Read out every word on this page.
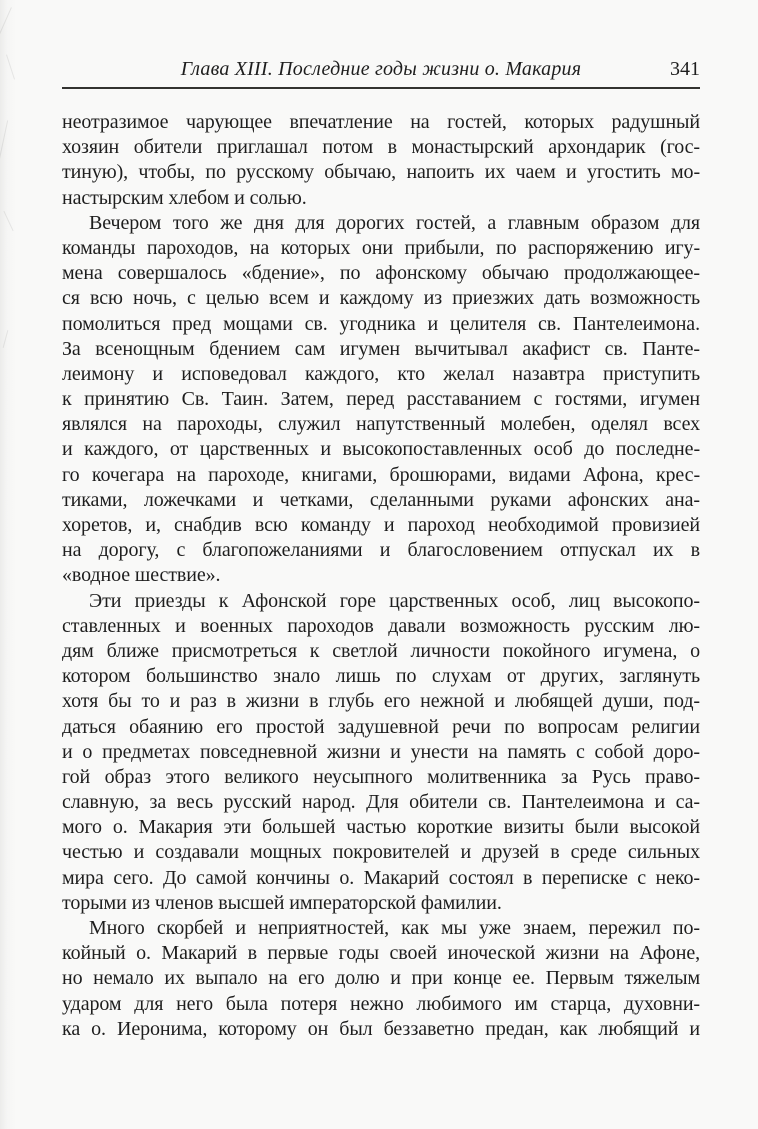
Глава XIII. Последние годы жизни о. Макария	341
неотразимое чарующее впечатление на гостей, которых радушный
хозяин обители приглашал потом в монастырский архондарик (гос-
тиную), чтобы, по русскому обычаю, напоить их чаем и угостить мо-
настырским хлебом и солью.
Вечером того же дня для дорогих гостей, а главным образом для
команды пароходов, на которых они прибыли, по распоряжению игу-
мена совершалось «бдение», по афонскому обычаю продолжающее-
ся всю ночь, с целью всем и каждому из приезжих дать возможность
помолиться пред мощами св. угодника и целителя св. Пантелеимона.
За всенощным бдением сам игумен вычитывал акафист св. Панте-
леимону и исповедовал каждого, кто желал назавтра приступить
к принятию Св. Таин. Затем, перед расставанием с гостями, игумен
являлся на пароходы, служил напутственный молебен, оделял всех
и каждого, от царственных и высокопоставленных особ до последне-
го кочегара на пароходе, книгами, брошюрами, видами Афона, крес-
тиками, ложечками и четками, сделанными руками афонских ана-
хоретов, и, снабдив всю команду и пароход необходимой провизией
на дорогу, с благопожеланиями и благословением отпускал их в
«водное шествие».
Эти приезды к Афонской горе царственных особ, лиц высокопо-
ставленных и военных пароходов давали возможность русским лю-
дям ближе присмотреться к светлой личности покойного игумена, о
котором большинство знало лишь по слухам от других, заглянуть
хотя бы то и раз в жизни в глубь его нежной и любящей души, под-
даться обаянию его простой задушевной речи по вопросам религии
и о предметах повседневной жизни и унести на память с собой доро-
гой образ этого великого неусыпного молитвенника за Русь право-
славную, за весь русский народ. Для обители св. Пантелеимона и са-
мого о. Макария эти большей частью короткие визиты были высокой
честью и создавали мощных покровителей и друзей в среде сильных
мира сего. До самой кончины о. Макарий состоял в переписке с неко-
торыми из членов высшей императорской фамилии.
Много скорбей и неприятностей, как мы уже знаем, пережил по-
койный о. Макарий в первые годы своей иноческой жизни на Афоне,
но немало их выпало на его долю и при конце ее. Первым тяжелым
ударом для него была потеря нежно любимого им старца, духовни-
ка о. Иеронима, которому он был беззаветно предан, как любящий и
